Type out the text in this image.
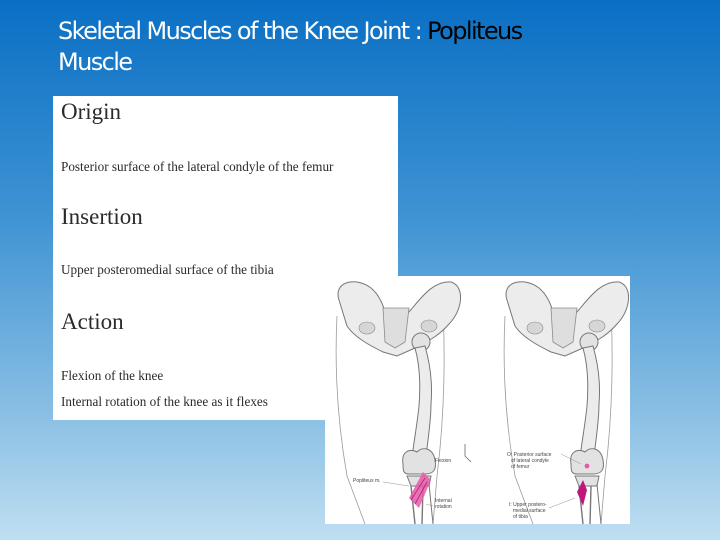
Skeletal Muscles of the Knee Joint : Popliteus
Muscle
Origin
Posterior surface of the lateral condyle of the femur
Insertion
Upper posteromedial surface of the tibia
Action
Flexion of the knee
Internal rotation of the knee as it flexes
Flexion
Popliteus m.
Internal
rotation
O: Posterior surface
of lateral condyle
of femur
I: Upper postero-
medial surface
of tibia
